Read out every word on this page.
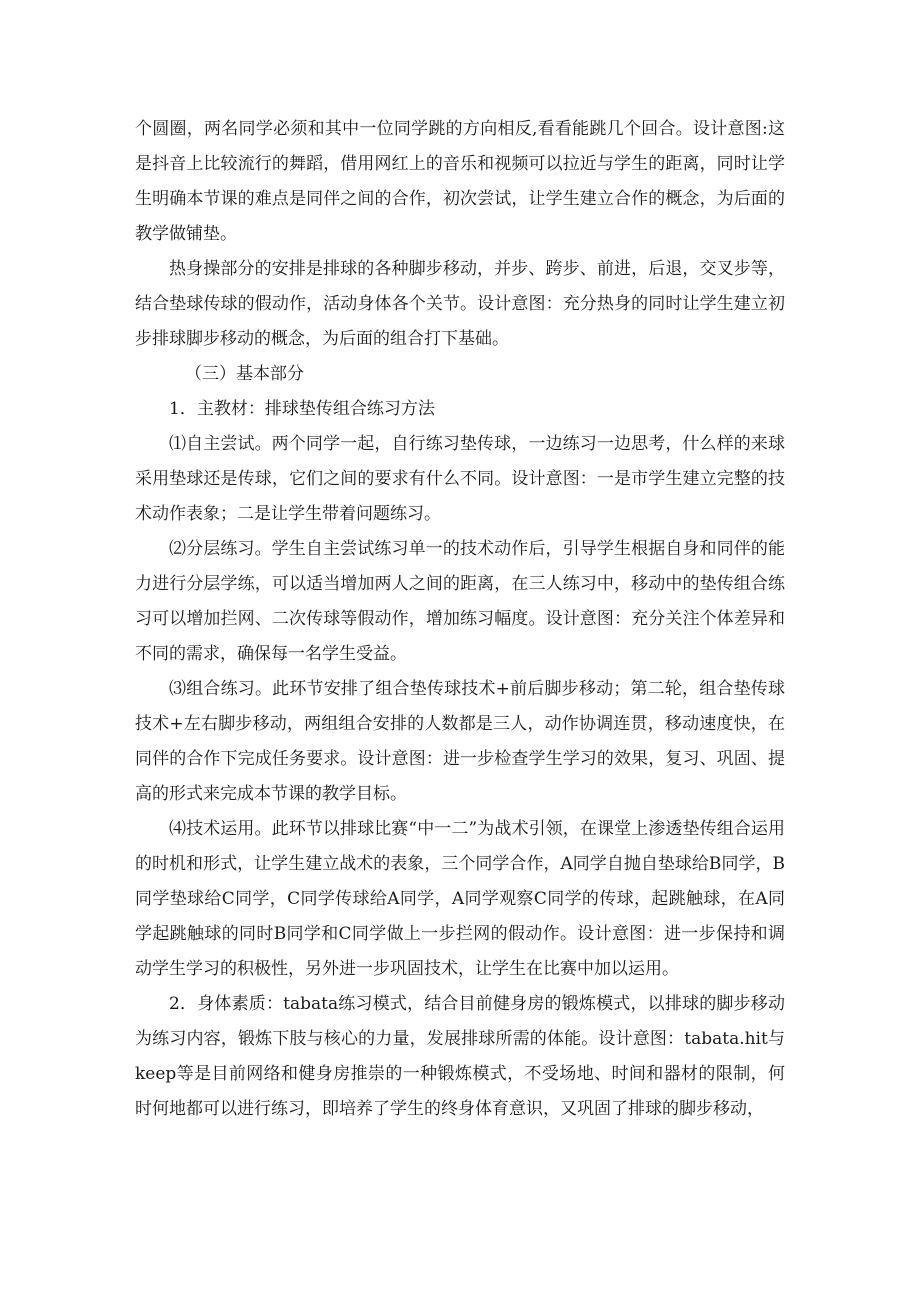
个圆圈，两名同学必须和其中一位同学跳的方向相反,看看能跳几个回合。设计意图:这是抖音上比较流行的舞蹈，借用网红上的音乐和视频可以拉近与学生的距离，同时让学生明确本节课的难点是同伴之间的合作，初次尝试，让学生建立合作的概念，为后面的教学做铺垫。

热身操部分的安排是排球的各种脚步移动，并步、跨步、前进，后退，交叉步等，结合垫球传球的假动作，活动身体各个关节。设计意图：充分热身的同时让学生建立初步排球脚步移动的概念，为后面的组合打下基础。

（三）基本部分

1．主教材：排球垫传组合练习方法

⑴自主尝试。两个同学一起，自行练习垫传球，一边练习一边思考，什么样的来球采用垫球还是传球，它们之间的要求有什么不同。设计意图：一是市学生建立完整的技术动作表象；二是让学生带着问题练习。

⑵分层练习。学生自主尝试练习单一的技术动作后，引导学生根据自身和同伴的能力进行分层学练，可以适当增加两人之间的距离，在三人练习中，移动中的垫传组合练习可以增加拦网、二次传球等假动作，增加练习幅度。设计意图：充分关注个体差异和不同的需求，确保每一名学生受益。

⑶组合练习。此环节安排了组合垫传球技术+前后脚步移动；第二轮，组合垫传球技术+左右脚步移动，两组组合安排的人数都是三人，动作协调连贯，移动速度快，在同伴的合作下完成任务要求。设计意图：进一步检查学生学习的效果，复习、巩固、提高的形式来完成本节课的教学目标。

⑷技术运用。此环节以排球比赛“中一二”为战术引领，在课堂上渗透垫传组合运用的时机和形式，让学生建立战术的表象，三个同学合作，A同学自抛自垫球给B同学，B同学垫球给C同学，C同学传球给A同学，A同学观察C同学的传球，起跳触球，在A同学起跳触球的同时B同学和C同学做上一步拦网的假动作。设计意图：进一步保持和调动学生学习的积极性，另外进一步巩固技术，让学生在比赛中加以运用。

2．身体素质：tabata练习模式，结合目前健身房的锻炼模式，以排球的脚步移动为练习内容，锻炼下肢与核心的力量，发展排球所需的体能。设计意图：tabata.hit与keep等是目前网络和健身房推崇的一种锻炼模式，不受场地、时间和器材的限制，何时何地都可以进行练习，即培养了学生的终身体育意识，又巩固了排球的脚步移动，
